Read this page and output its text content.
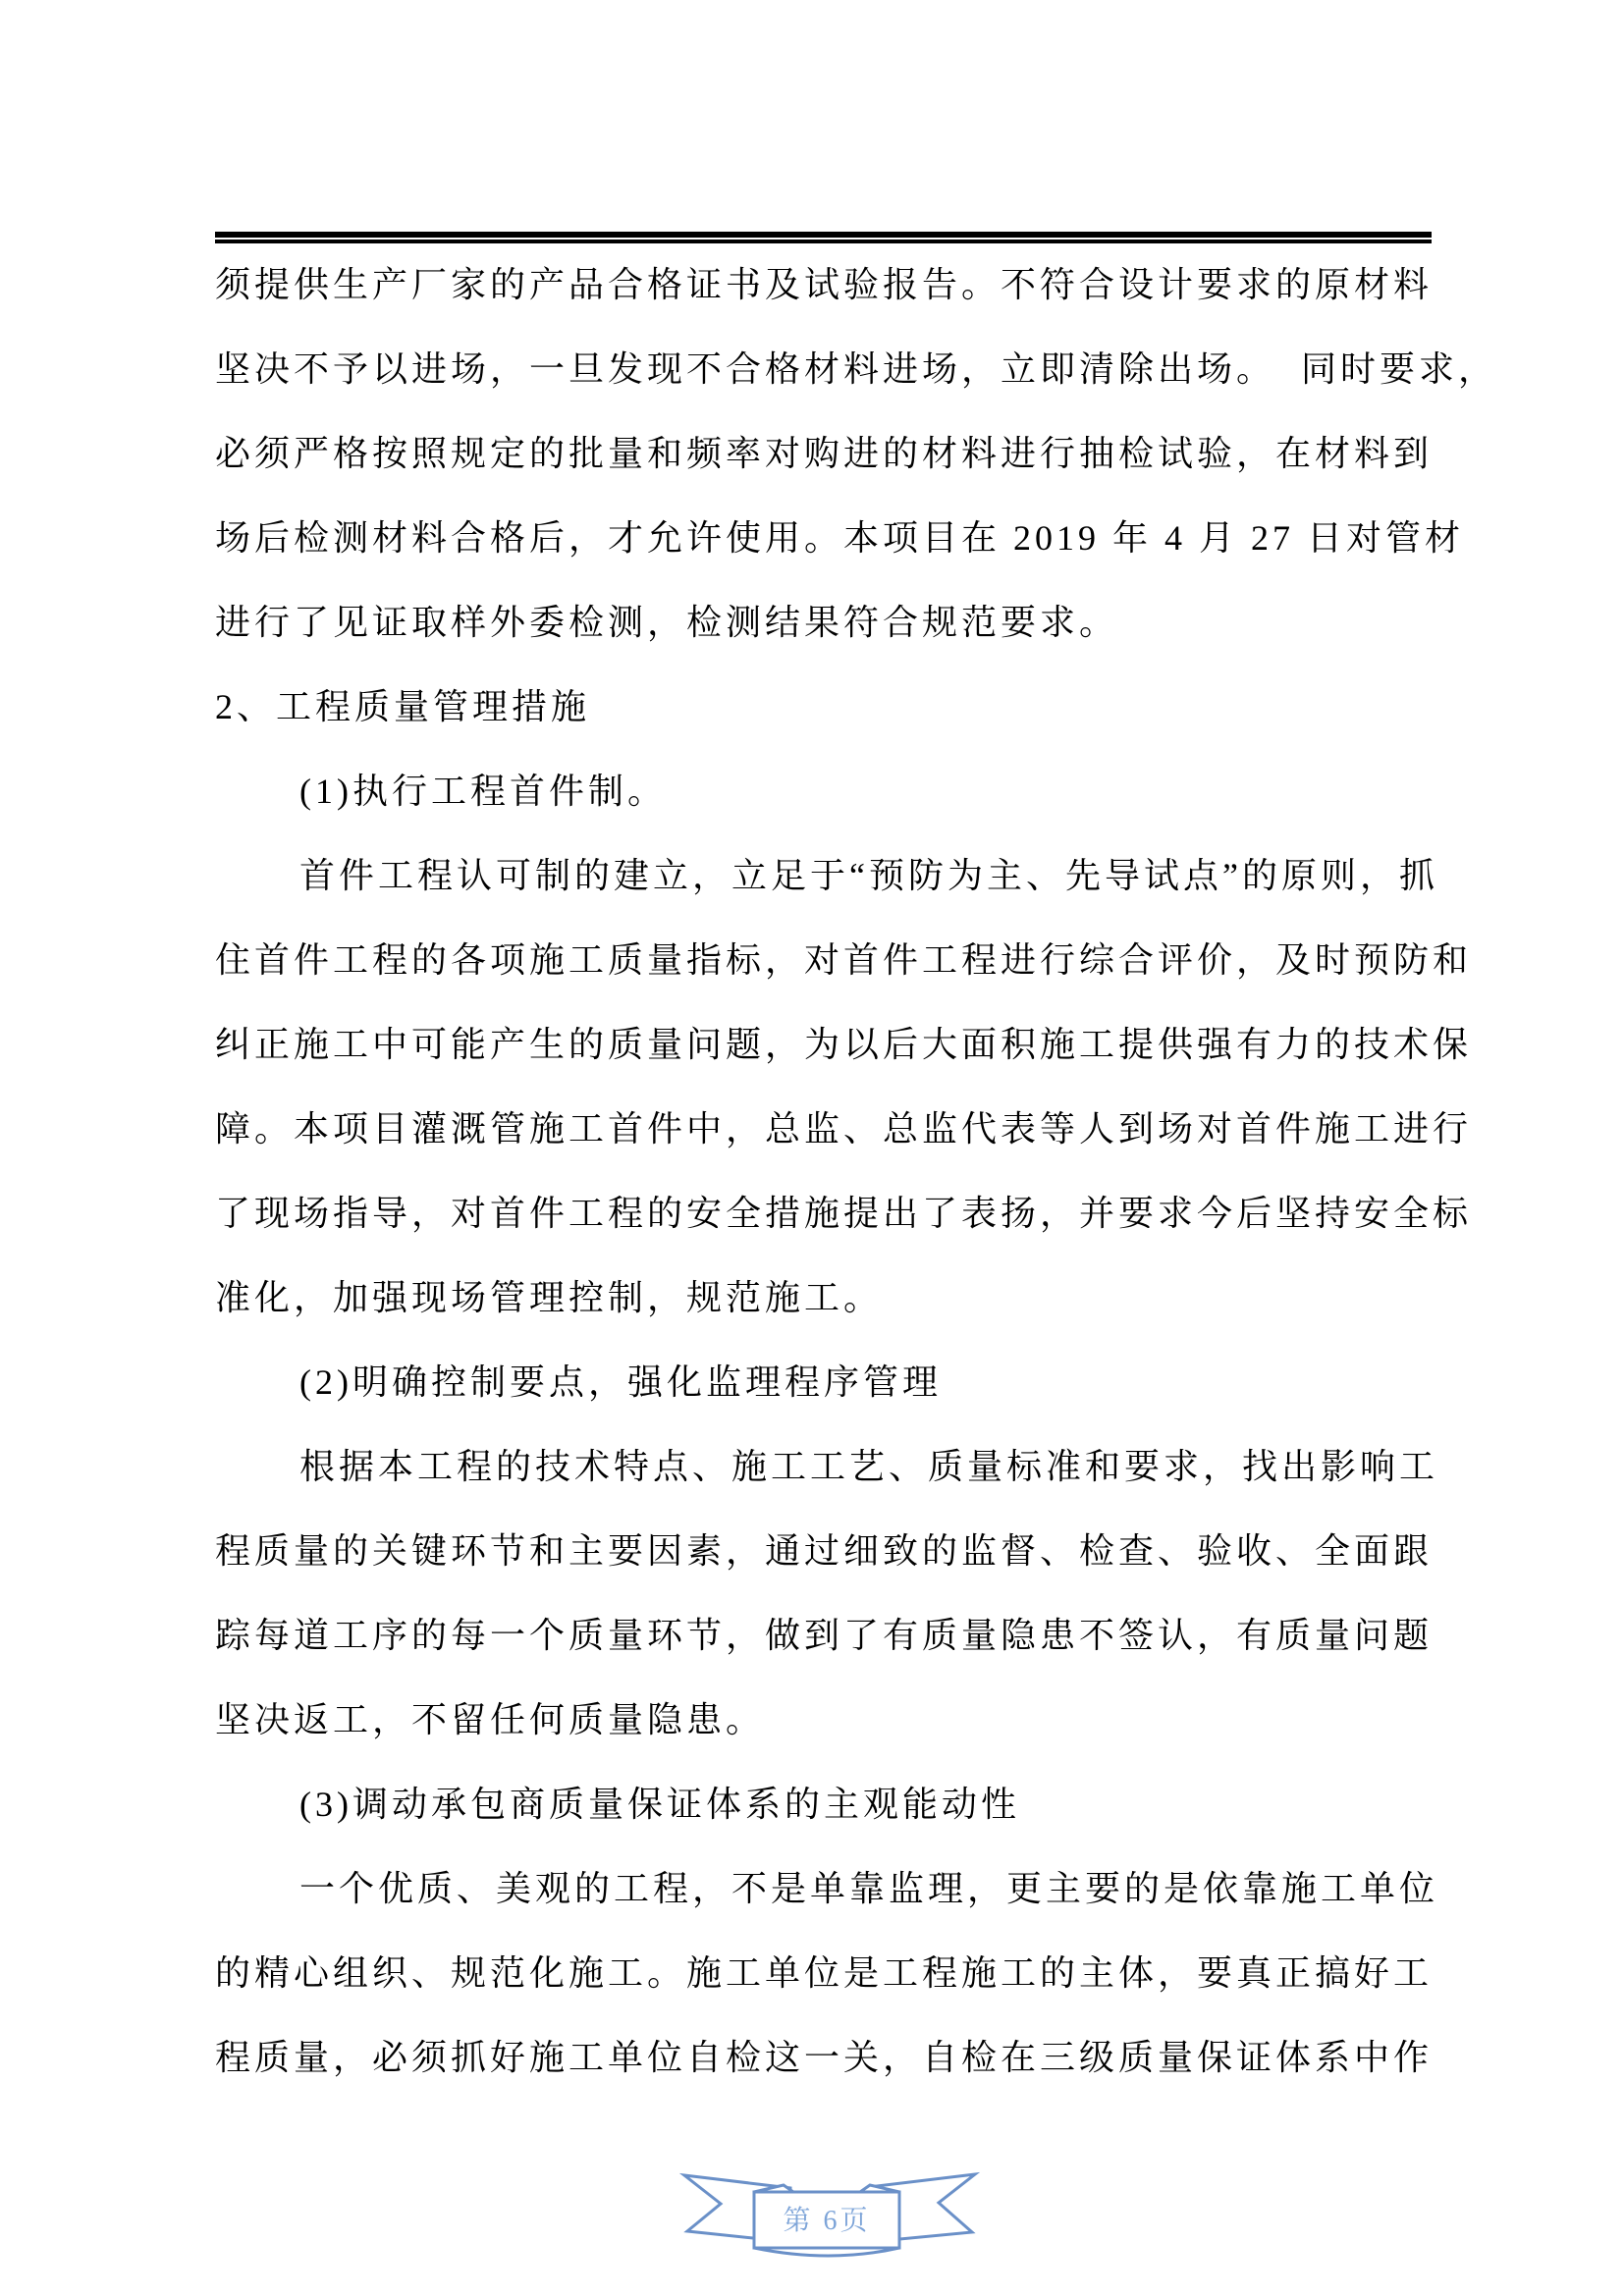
须提供生产厂家的产品合格证书及试验报告。不符合设计要求的原材料
坚决不予以进场，一旦发现不合格材料进场，立即清除出场。  同时要求，
必须严格按照规定的批量和频率对购进的材料进行抽检试验，在材料到
场后检测材料合格后，才允许使用。本项目在 2019 年 4 月 27 日对管材
进行了见证取样外委检测，检测结果符合规范要求。
2、工程质量管理措施
(1)执行工程首件制。
首件工程认可制的建立，立足于“预防为主、先导试点”的原则，抓
住首件工程的各项施工质量指标，对首件工程进行综合评价，及时预防和
纠正施工中可能产生的质量问题，为以后大面积施工提供强有力的技术保
障。本项目灌溉管施工首件中，总监、总监代表等人到场对首件施工进行
了现场指导，对首件工程的安全措施提出了表扬，并要求今后坚持安全标
准化，加强现场管理控制，规范施工。
(2)明确控制要点，强化监理程序管理
根据本工程的技术特点、施工工艺、质量标准和要求，找出影响工
程质量的关键环节和主要因素，通过细致的监督、检查、验收、全面跟
踪每道工序的每一个质量环节，做到了有质量隐患不签认，有质量问题
坚决返工，不留任何质量隐患。
(3)调动承包商质量保证体系的主观能动性
一个优质、美观的工程，不是单靠监理，更主要的是依靠施工单位
的精心组织、规范化施工。施工单位是工程施工的主体，要真正搞好工
程质量，必须抓好施工单位自检这一关，自检在三级质量保证体系中作
第 6页
